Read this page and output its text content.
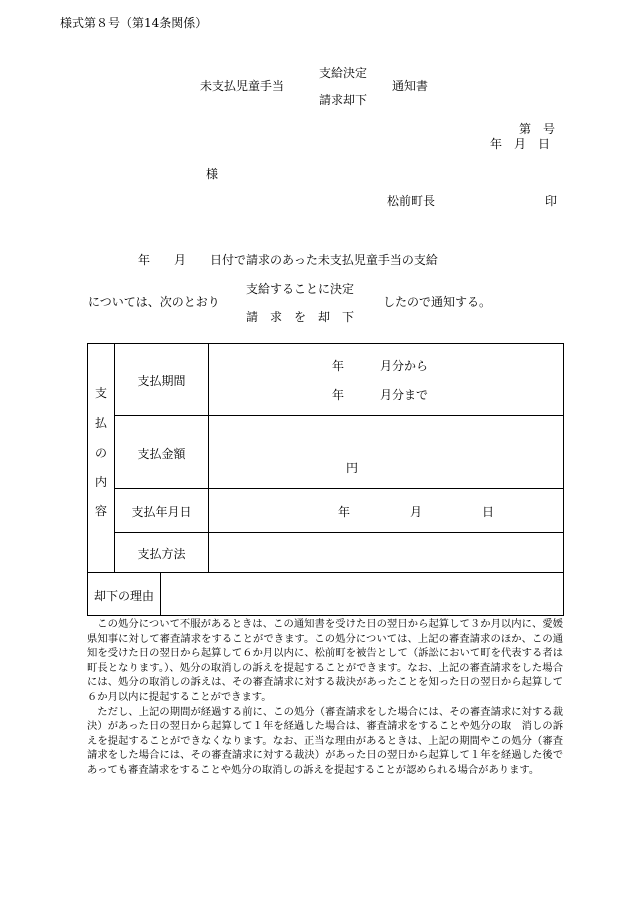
様式第８号（第14条関係）
未支払児童手当
支給決定
請求却下
通知書
第　号
年　月　日
様
松前町長	印
年　　月　　日付で請求のあった未支払児童手当の支給
については、次のとおり
支給することに決定
請　求　を　却　下
したので通知する。
支
払
の
内
容
支払期間
支払金額
支払年月日
支払方法
却下の理由
年　　　月分から
年　　　月分まで
円
年　　　　　月　　　　　日

この処分について不服があるときは、この通知書を受けた日の翌日から起算して３か月以内に、愛媛県知事に対して審査請求をすることができます。この処分については、上記の審査請求のほか、この通知を受けた日の翌日から起算して６か月以内に、松前町を被告として（訴訟において町を代表する者は町長となります。）、処分の取消しの訴えを提起することができます。なお、上記の審査請求をした場合には、処分の取消しの訴えは、その審査請求に対する裁決があったことを知った日の翌日から起算して６か月以内に提起することができます。

ただし、上記の期間が経過する前に、この処分（審査請求をした場合には、その審査請求に対する裁決）があった日の翌日から起算して１年を経過した場合は、審査請求をすることや処分の取　消しの訴えを提起することができなくなります。なお、正当な理由があるときは、上記の期間やこの処分（審査請求をした場合には、その審査請求に対する裁決）があった日の翌日から起算して１年を経過した後であっても審査請求をすることや処分の取消しの訴えを提起することが認められる場合があります。
